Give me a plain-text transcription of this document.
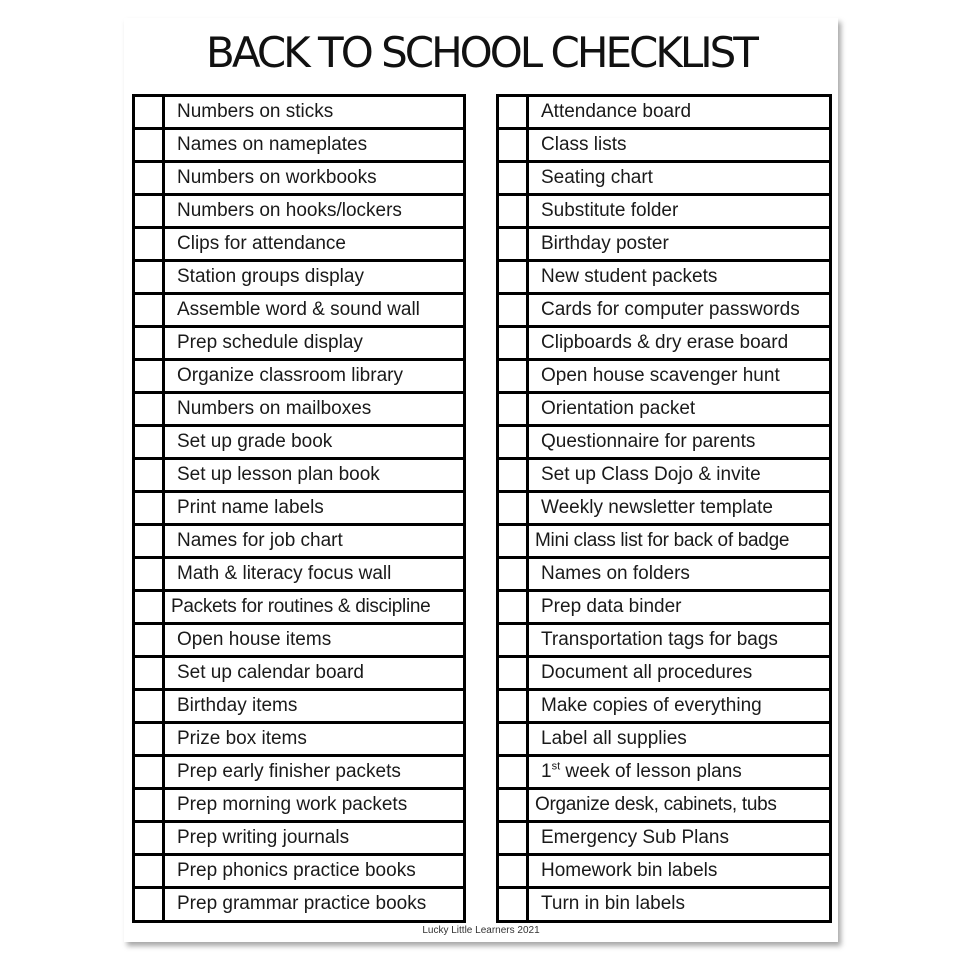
BACK TO SCHOOL CHECKLIST
Numbers on sticks
Names on nameplates
Numbers on workbooks
Numbers on hooks/lockers
Clips for attendance
Station groups display
Assemble word & sound wall
Prep schedule display
Organize classroom library
Numbers on mailboxes
Set up grade book
Set up lesson plan book
Print name labels
Names for job chart
Math & literacy focus wall
Packets for routines & discipline
Open house items
Set up calendar board
Birthday items
Prize box items
Prep early finisher packets
Prep morning work packets
Prep writing journals
Prep phonics practice books
Prep grammar practice books
Attendance board
Class lists
Seating chart
Substitute folder
Birthday poster
New student packets
Cards for computer passwords
Clipboards & dry erase board
Open house scavenger hunt
Orientation packet
Questionnaire for parents
Set up Class Dojo & invite
Weekly newsletter template
Mini class list for back of badge
Names on folders
Prep data binder
Transportation tags for bags
Document all procedures
Make copies of everything
Label all supplies
1st week of lesson plans
Organize desk, cabinets, tubs
Emergency Sub Plans
Homework bin labels
Turn in bin labels
Lucky Little Learners 2021
